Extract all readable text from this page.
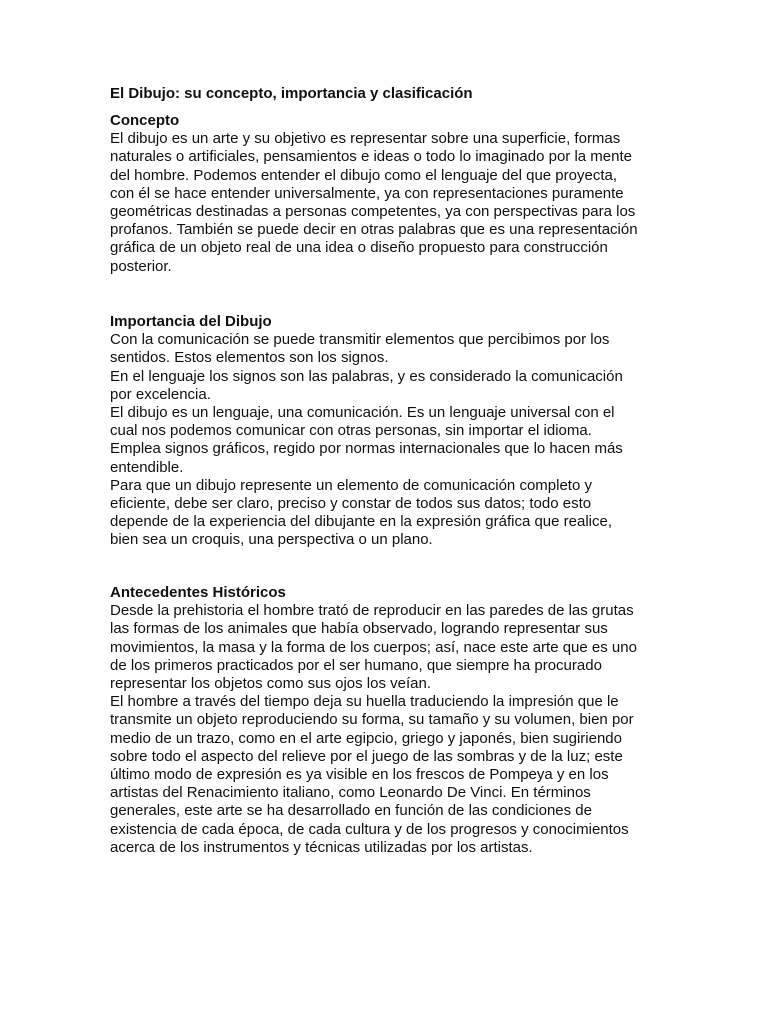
El Dibujo: su concepto, importancia y clasificación
Concepto
El dibujo es un arte y su objetivo es representar sobre una superficie, formas
naturales o artificiales, pensamientos e ideas o todo lo imaginado por la mente
del hombre. Podemos entender el dibujo como el lenguaje del que proyecta,
con él se hace entender universalmente, ya con representaciones puramente
geométricas destinadas a personas competentes, ya con perspectivas para los
profanos. También se puede decir en otras palabras que es una representación
gráfica de un objeto real de una idea o diseño propuesto para construcción
posterior.
Importancia del Dibujo
Con la comunicación se puede transmitir elementos que percibimos por los
sentidos. Estos elementos son los signos.
En el lenguaje los signos son las palabras, y es considerado la comunicación
por excelencia.
El dibujo es un lenguaje, una comunicación. Es un lenguaje universal con el
cual nos podemos comunicar con otras personas, sin importar el idioma.
Emplea signos gráficos, regido por normas internacionales que lo hacen más
entendible.
Para que un dibujo represente un elemento de comunicación completo y
eficiente, debe ser claro, preciso y constar de todos sus datos; todo esto
depende de la experiencia del dibujante en la expresión gráfica que realice,
bien sea un croquis, una perspectiva o un plano.
Antecedentes Históricos
Desde la prehistoria el hombre trató de reproducir en las paredes de las grutas
las formas de los animales que había observado, logrando representar sus
movimientos, la masa y la forma de los cuerpos; así, nace este arte que es uno
de los primeros practicados por el ser humano, que siempre ha procurado
representar los objetos como sus ojos los veían.
El hombre a través del tiempo deja su huella traduciendo la impresión que le
transmite un objeto reproduciendo su forma, su tamaño y su volumen, bien por
medio de un trazo, como en el arte egipcio, griego y japonés, bien sugiriendo
sobre todo el aspecto del relieve por el juego de las sombras y de la luz; este
último modo de expresión es ya visible en los frescos de Pompeya y en los
artistas del Renacimiento italiano, como Leonardo De Vinci. En términos
generales, este arte se ha desarrollado en función de las condiciones de
existencia de cada época, de cada cultura y de los progresos y conocimientos
acerca de los instrumentos y técnicas utilizadas por los artistas.
